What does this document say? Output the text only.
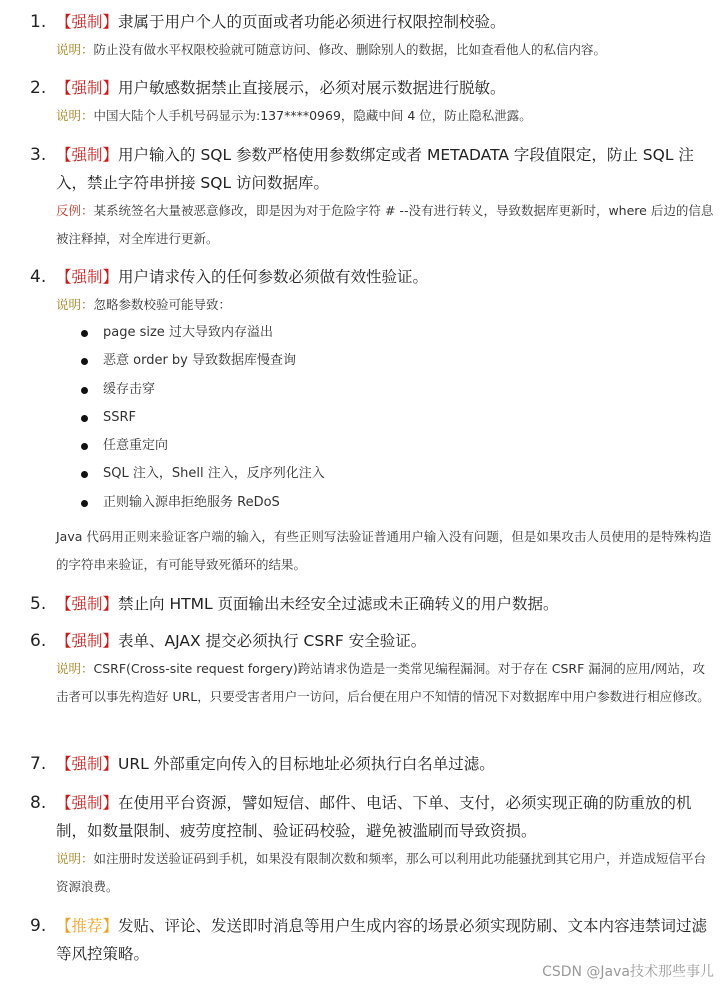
1. 【强制】隶属于用户个人的页面或者功能必须进行权限控制校验。
说明：防止没有做水平权限校验就可随意访问、修改、删除别人的数据，比如查看他人的私信内容。
2. 【强制】用户敏感数据禁止直接展示，必须对展示数据进行脱敏。
说明：中国大陆个人手机号码显示为:137****0969，隐藏中间 4 位，防止隐私泄露。
3. 【强制】用户输入的 SQL 参数严格使用参数绑定或者 METADATA 字段值限定，防止 SQL 注入，禁止字符串拼接 SQL 访问数据库。
反例：某系统签名大量被恶意修改，即是因为对于危险字符 # --没有进行转义，导致数据库更新时，where 后边的信息被注释掉，对全库进行更新。
4. 【强制】用户请求传入的任何参数必须做有效性验证。
说明：忽略参数校验可能导致：
page size 过大导致内存溢出
恶意 order by 导致数据库慢查询
缓存击穿
SSRF
任意重定向
SQL 注入，Shell 注入，反序列化注入
正则输入源串拒绝服务 ReDoS
Java 代码用正则来验证客户端的输入，有些正则写法验证普通用户输入没有问题，但是如果攻击人员使用的是特殊构造的字符串来验证，有可能导致死循环的结果。
5. 【强制】禁止向 HTML 页面输出未经安全过滤或未正确转义的用户数据。
6. 【强制】表单、AJAX 提交必须执行 CSRF 安全验证。
说明：CSRF(Cross-site request forgery)跨站请求伪造是一类常见编程漏洞。对于存在 CSRF 漏洞的应用/网站，攻击者可以事先构造好 URL，只要受害者用户一访问，后台便在用户不知情的情况下对数据库中用户参数进行相应修改。
7. 【强制】URL 外部重定向传入的目标地址必须执行白名单过滤。
8. 【强制】在使用平台资源，譬如短信、邮件、电话、下单、支付，必须实现正确的防重放的机制，如数量限制、疲劳度控制、验证码校验，避免被滥刷而导致资损。
说明：如注册时发送验证码到手机，如果没有限制次数和频率，那么可以利用此功能骚扰到其它用户，并造成短信平台资源浪费。
9. 【推荐】发贴、评论、发送即时消息等用户生成内容的场景必须实现防刷、文本内容违禁词过滤等风控策略。
CSDN @Java技术那些事儿
